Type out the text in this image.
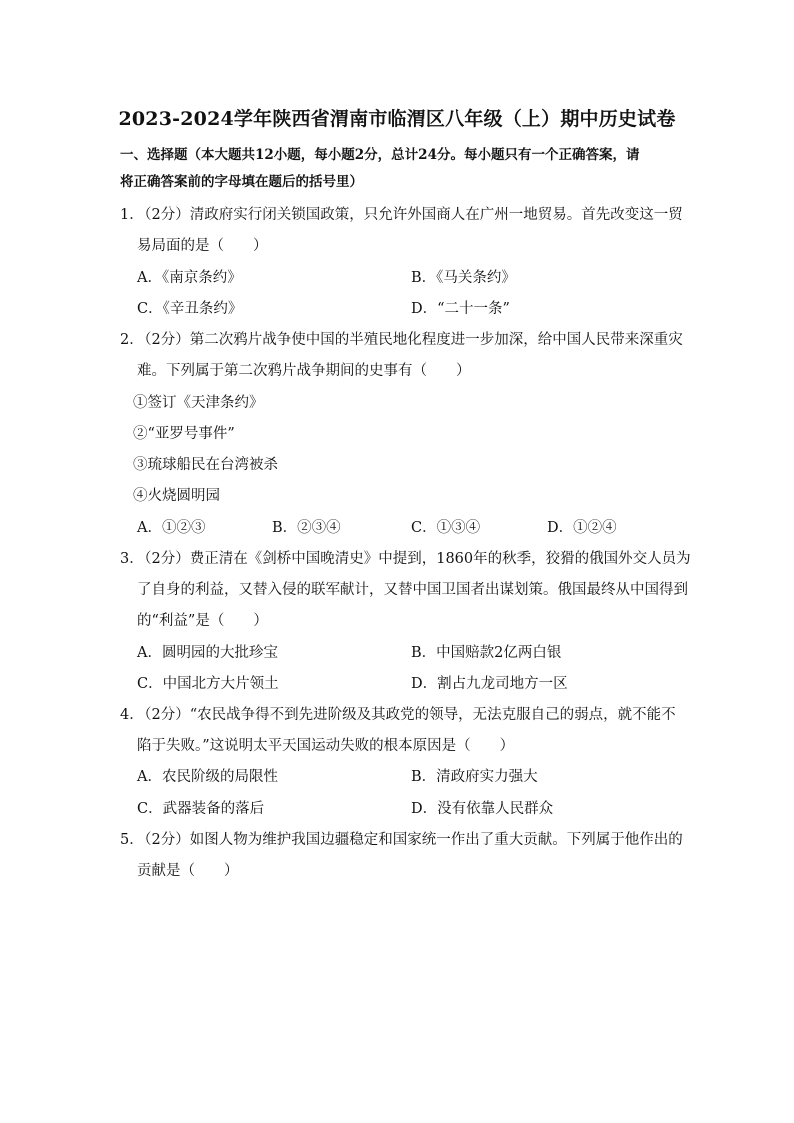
2023-2024学年陕西省渭南市临渭区八年级（上）期中历史试卷
一、选择题（本大题共12小题，每小题2分，总计24分。每小题只有一个正确答案，请
将正确答案前的字母填在题后的括号里）
1．
（2分）清政府实行闭关锁国政策，只允许外国商人在广州一地贸易。首先改变这一贸
易局面的是（　　）
A．《南京条约》	B．《马关条约》
C．《辛丑条约》	D．“二十一条”
2．
（2分）第二次鸦片战争使中国的半殖民地化程度进一步加深，给中国人民带来深重灾
难。下列属于第二次鸦片战争期间的史事有（　　）
①签订《天津条约》
②“亚罗号事件”
③琉球船民在台湾被杀
④火烧圆明园
A．①②③	B．②③④	C．①③④	D．①②④
3．
（2分）费正清在《剑桥中国晚清史》中提到，1860年的秋季，狡猾的俄国外交人员为
了自身的利益，又替入侵的联军献计，又替中国卫国者出谋划策。俄国最终从中国得到
的“利益”是（　　）
A．圆明园的大批珍宝	B．中国赔款2亿两白银
C．中国北方大片领土	D．割占九龙司地方一区
4．
（2分）“农民战争得不到先进阶级及其政党的领导，无法克服自己的弱点，就不能不
陷于失败。”这说明太平天国运动失败的根本原因是（　　）
A．农民阶级的局限性	B．清政府实力强大
C．武器装备的落后	D．没有依靠人民群众
5．
（2分）如图人物为维护我国边疆稳定和国家统一作出了重大贡献。下列属于他作出的
贡献是（　　）
